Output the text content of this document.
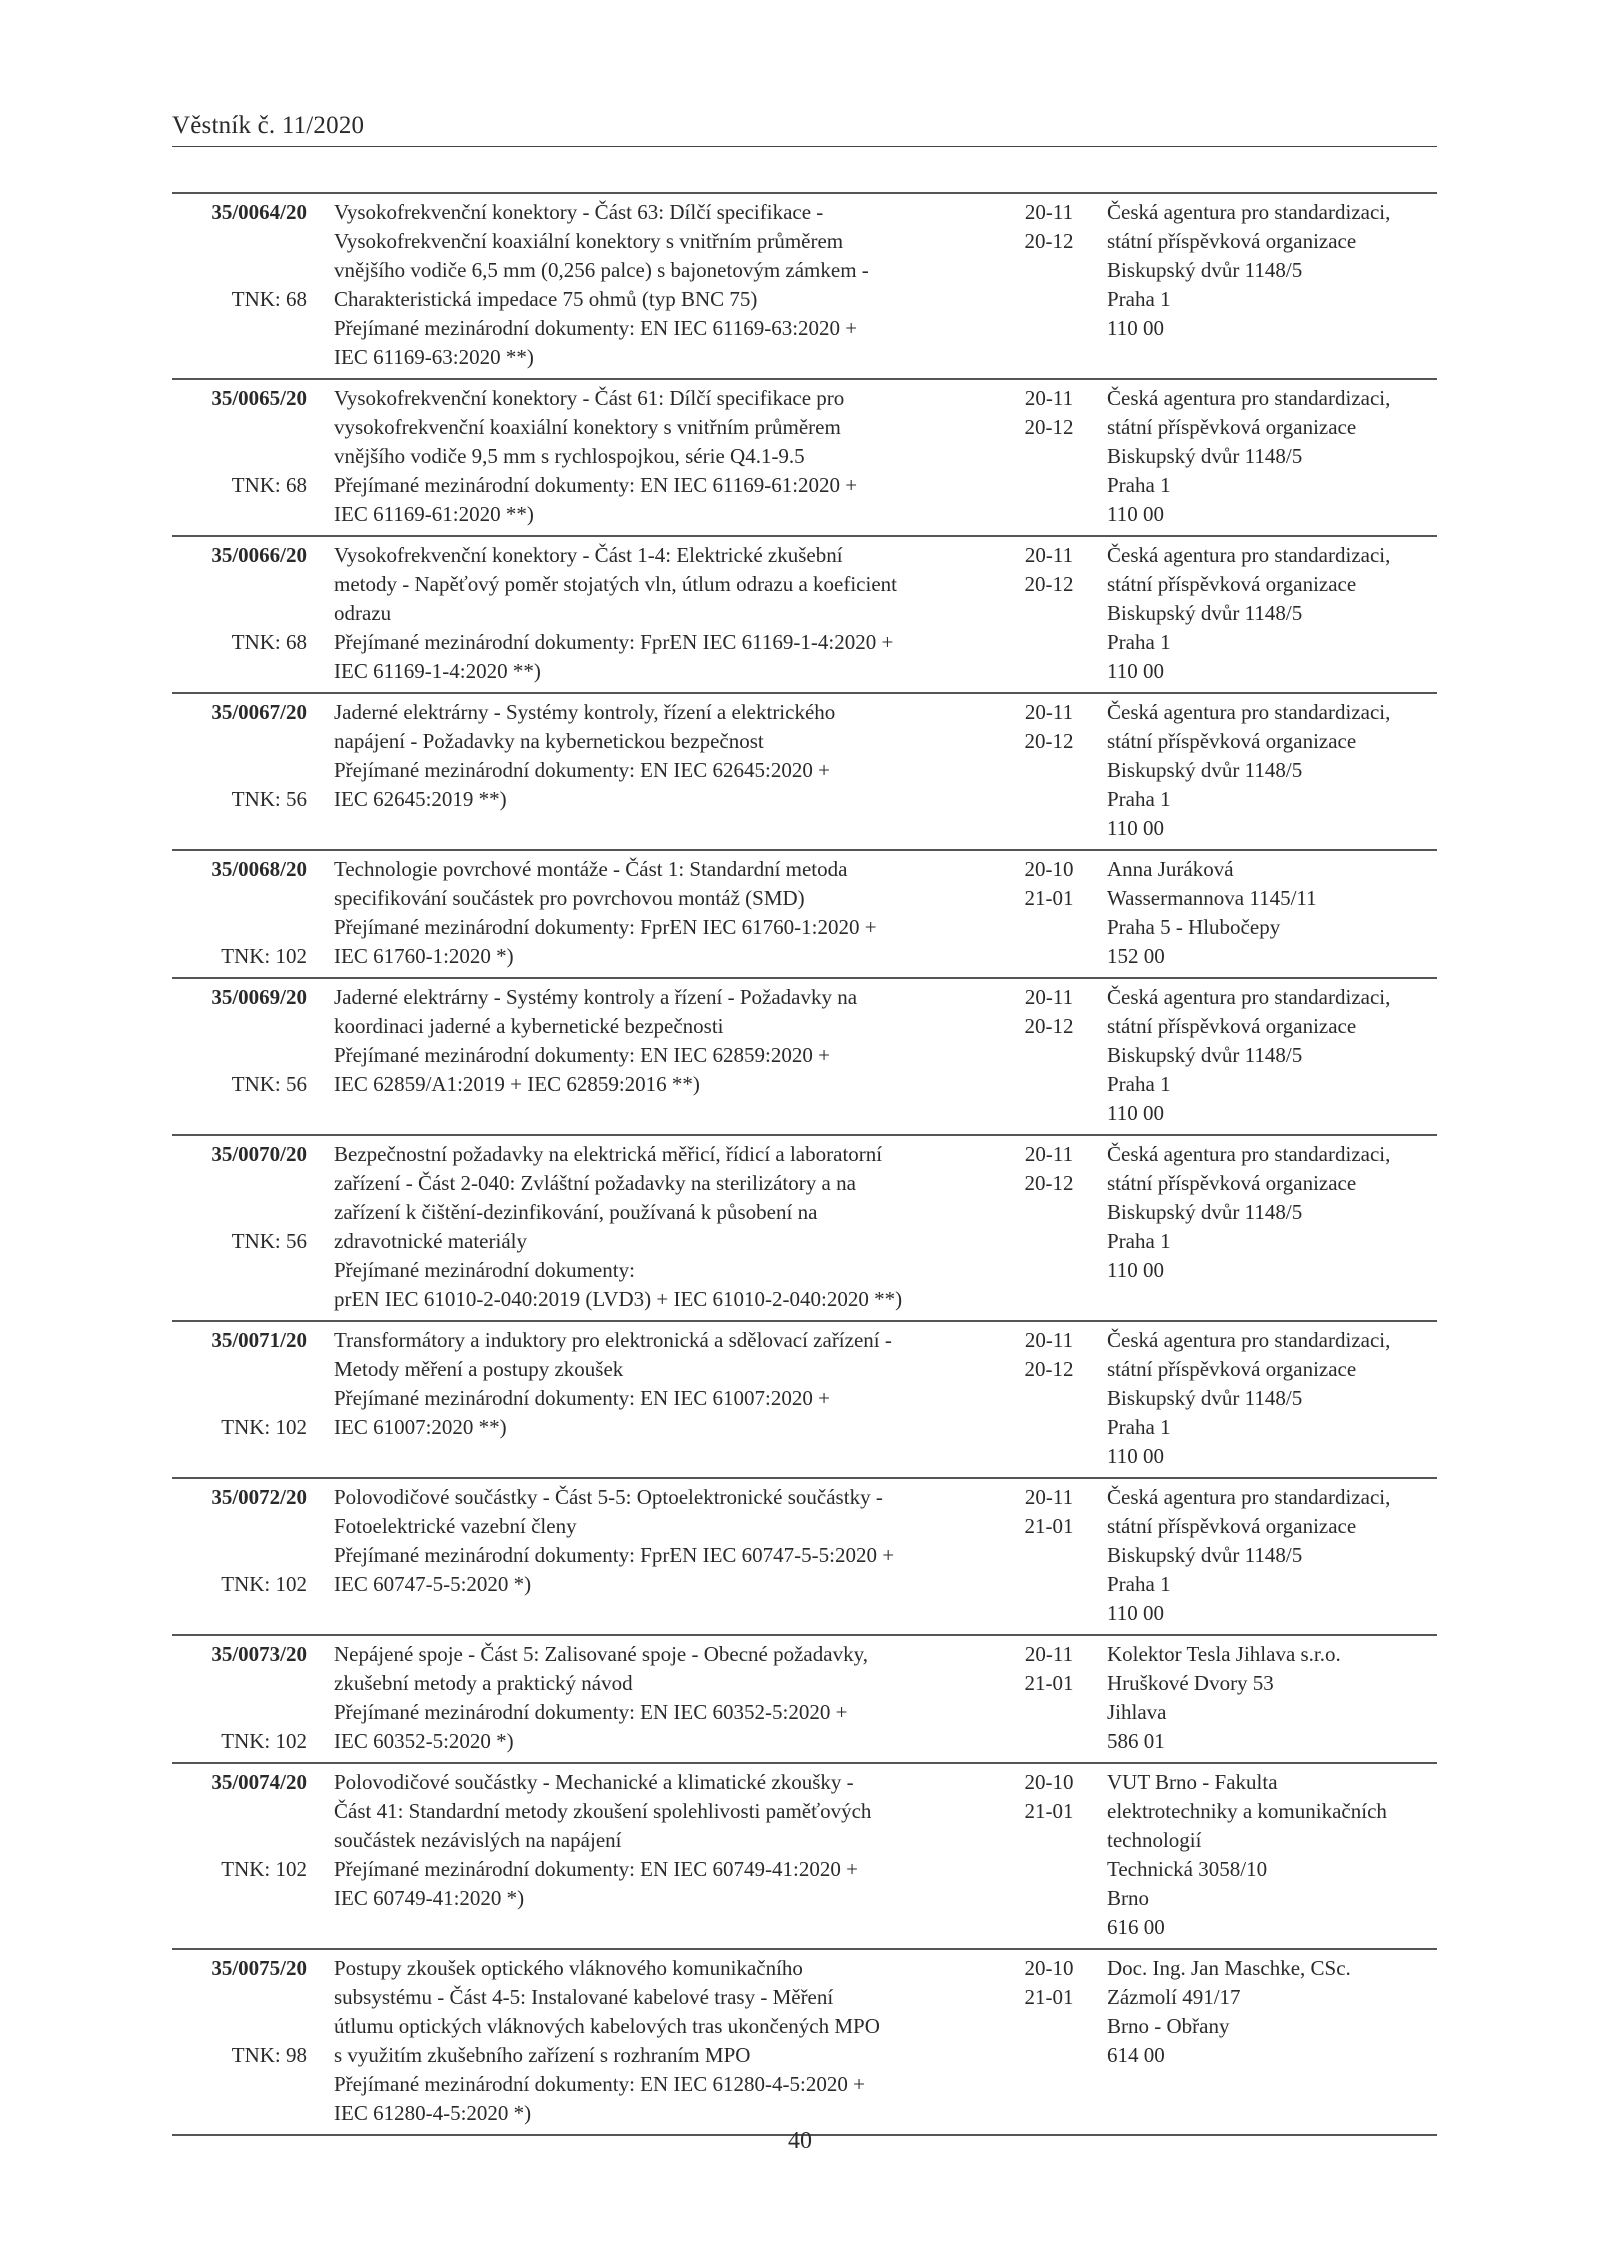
Věstník č. 11/2020
35/0064/20
TNK: 68
Vysokofrekvenční konektory - Část 63: Dílčí specifikace -
Vysokofrekvenční koaxiální konektory s vnitřním průměrem
vnějšího vodiče 6,5 mm (0,256 palce) s bajonetovým zámkem -
Charakteristická impedace 75 ohmů (typ BNC 75)
Přejímané mezinárodní dokumenty: EN IEC 61169-63:2020 +
IEC 61169-63:2020 **)
20-11
20-12
Česká agentura pro standardizaci,
státní příspěvková organizace
Biskupský dvůr 1148/5
Praha 1
110 00
35/0065/20
TNK: 68
Vysokofrekvenční konektory - Část 61: Dílčí specifikace pro
vysokofrekvenční koaxiální konektory s vnitřním průměrem
vnějšího vodiče 9,5 mm s rychlospojkou, série Q4.1-9.5
Přejímané mezinárodní dokumenty: EN IEC 61169-61:2020 +
IEC 61169-61:2020 **)
20-11
20-12
Česká agentura pro standardizaci,
státní příspěvková organizace
Biskupský dvůr 1148/5
Praha 1
110 00
35/0066/20
TNK: 68
Vysokofrekvenční konektory - Část 1-4: Elektrické zkušební
metody - Napěťový poměr stojatých vln, útlum odrazu a koeficient
odrazu
Přejímané mezinárodní dokumenty: FprEN IEC 61169-1-4:2020 +
IEC 61169-1-4:2020 **)
20-11
20-12
Česká agentura pro standardizaci,
státní příspěvková organizace
Biskupský dvůr 1148/5
Praha 1
110 00
35/0067/20
TNK: 56
Jaderné elektrárny - Systémy kontroly, řízení a elektrického
napájení - Požadavky na kybernetickou bezpečnost
Přejímané mezinárodní dokumenty: EN IEC 62645:2020 +
IEC 62645:2019 **)
20-11
20-12
Česká agentura pro standardizaci,
státní příspěvková organizace
Biskupský dvůr 1148/5
Praha 1
110 00
35/0068/20
TNK: 102
Technologie povrchové montáže - Část 1: Standardní metoda
specifikování součástek pro povrchovou montáž (SMD)
Přejímané mezinárodní dokumenty: FprEN IEC 61760-1:2020 +
IEC 61760-1:2020 *)
20-10
21-01
Anna Juráková
Wassermannova 1145/11
Praha 5 - Hlubočepy
152 00
35/0069/20
TNK: 56
Jaderné elektrárny - Systémy kontroly a řízení - Požadavky na
koordinaci jaderné a kybernetické bezpečnosti
Přejímané mezinárodní dokumenty: EN IEC 62859:2020 +
IEC 62859/A1:2019 + IEC 62859:2016 **)
20-11
20-12
Česká agentura pro standardizaci,
státní příspěvková organizace
Biskupský dvůr 1148/5
Praha 1
110 00
35/0070/20
TNK: 56
Bezpečnostní požadavky na elektrická měřicí, řídicí a laboratorní
zařízení - Část 2-040: Zvláštní požadavky na sterilizátory a na
zařízení k čištění-dezinfikování, používaná k působení na
zdravotnické materiály
Přejímané mezinárodní dokumenty:
prEN IEC 61010-2-040:2019 (LVD3) + IEC 61010-2-040:2020 **)
20-11
20-12
Česká agentura pro standardizaci,
státní příspěvková organizace
Biskupský dvůr 1148/5
Praha 1
110 00
35/0071/20
TNK: 102
Transformátory a induktory pro elektronická a sdělovací zařízení -
Metody měření a postupy zkoušek
Přejímané mezinárodní dokumenty: EN IEC 61007:2020 +
IEC 61007:2020 **)
20-11
20-12
Česká agentura pro standardizaci,
státní příspěvková organizace
Biskupský dvůr 1148/5
Praha 1
110 00
35/0072/20
TNK: 102
Polovodičové součástky - Část 5-5: Optoelektronické součástky -
Fotoelektrické vazební členy
Přejímané mezinárodní dokumenty: FprEN IEC 60747-5-5:2020 +
IEC 60747-5-5:2020 *)
20-11
21-01
Česká agentura pro standardizaci,
státní příspěvková organizace
Biskupský dvůr 1148/5
Praha 1
110 00
35/0073/20
TNK: 102
Nepájené spoje - Část 5: Zalisované spoje - Obecné požadavky,
zkušební metody a praktický návod
Přejímané mezinárodní dokumenty: EN IEC 60352-5:2020 +
IEC 60352-5:2020 *)
20-11
21-01
Kolektor Tesla Jihlava s.r.o.
Hruškové Dvory 53
Jihlava
586 01
35/0074/20
TNK: 102
Polovodičové součástky - Mechanické a klimatické zkoušky -
Část 41: Standardní metody zkoušení spolehlivosti paměťových
součástek nezávislých na napájení
Přejímané mezinárodní dokumenty: EN IEC 60749-41:2020 +
IEC 60749-41:2020 *)
20-10
21-01
VUT Brno - Fakulta
elektrotechniky a komunikačních
technologií
Technická 3058/10
Brno
616 00
35/0075/20
TNK: 98
Postupy zkoušek optického vláknového komunikačního
subsystému - Část 4-5: Instalované kabelové trasy - Měření
útlumu optických vláknových kabelových tras ukončených MPO
s využitím zkušebního zařízení s rozhraním MPO
Přejímané mezinárodní dokumenty: EN IEC 61280-4-5:2020 +
IEC 61280-4-5:2020 *)
20-10
21-01
Doc. Ing. Jan Maschke, CSc.
Zázmolí 491/17
Brno - Obřany
614 00
40
